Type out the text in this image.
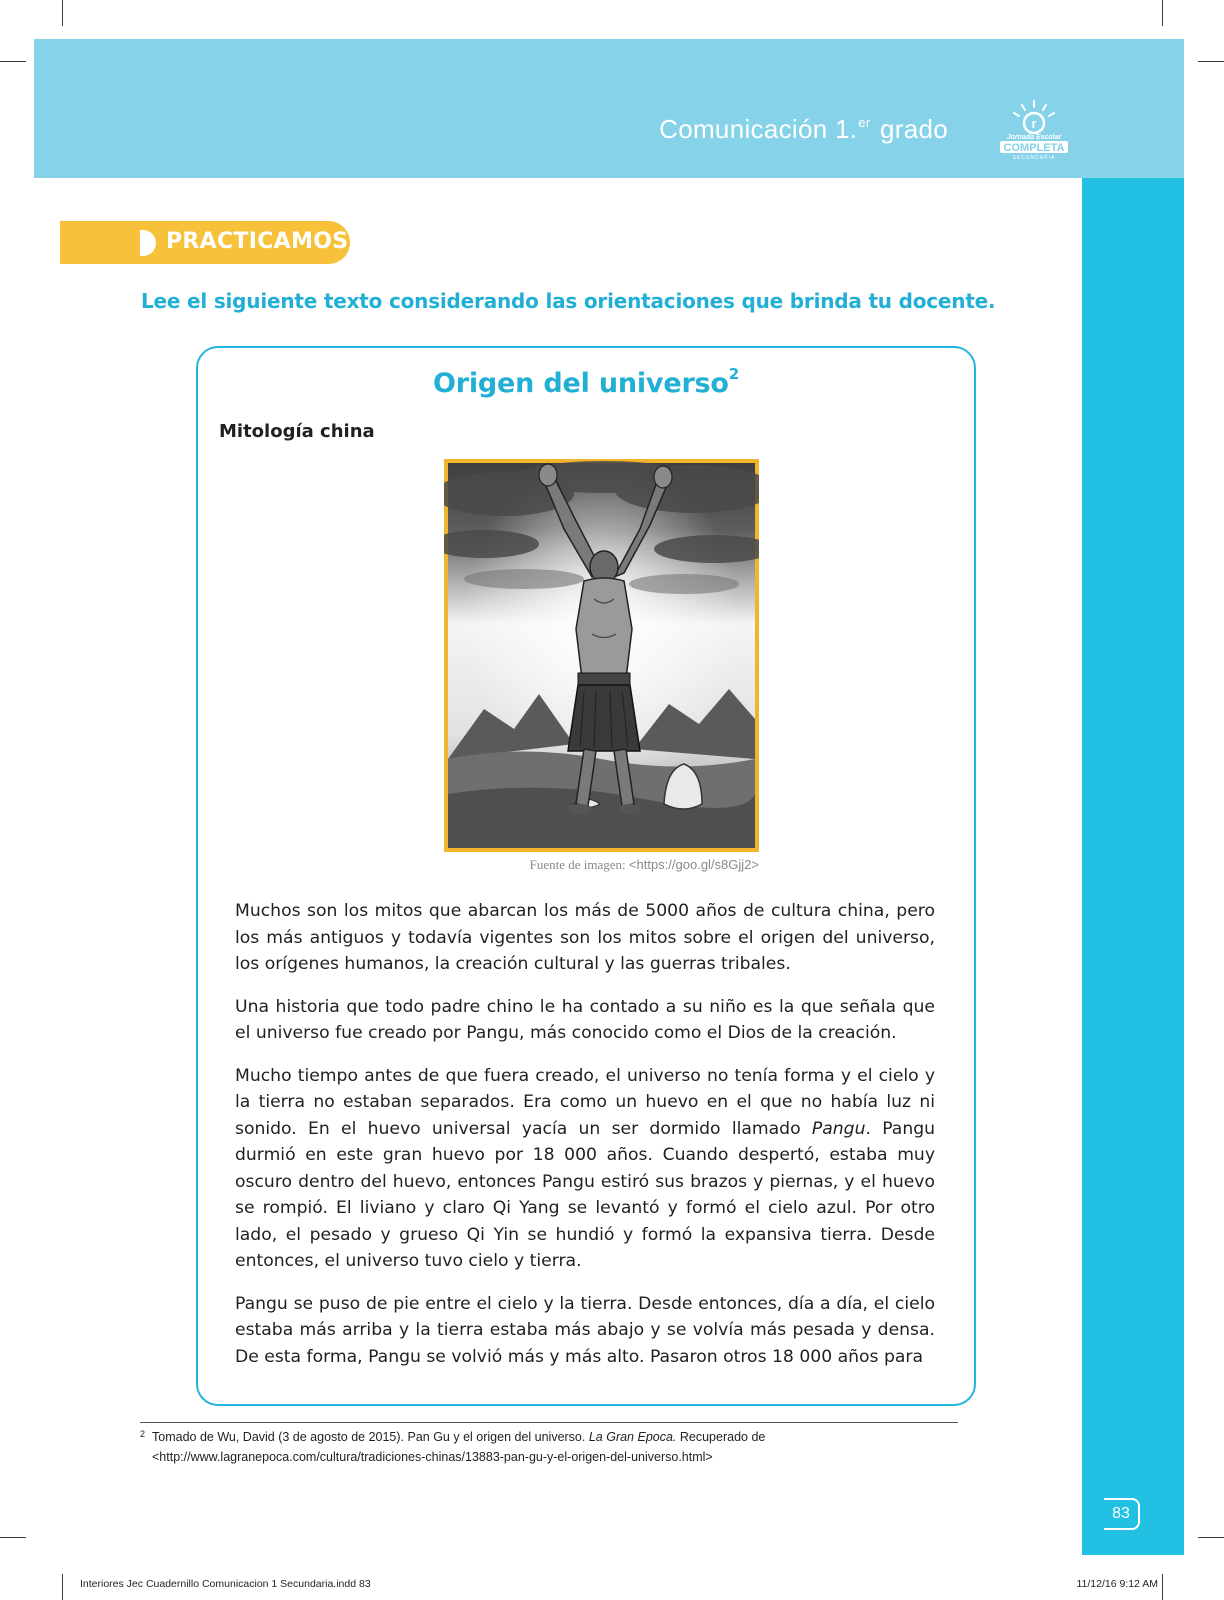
Comunicación 1.$^{er}$ grado	r
Jornada Escolar
COMPLETA
SECUNDARIA
PRACTICAMOS
Lee el siguiente texto considerando las orientaciones que brinda tu docente.
Origen del universo$^2$
Mitología china
Fuente de imagen: <https://goo.gl/s8Gjj2>

Muchos son los mitos que abarcan los más de 5000 años de cultura china, pero los más antiguos y todavía vigentes son los mitos sobre el origen del universo, los orígenes humanos, la creación cultural y las guerras tribales.

Una historia que todo padre chino le ha contado a su niño es la que señala que el universo fue creado por Pangu, más conocido como el Dios de la creación.

Mucho tiempo antes de que fuera creado, el universo no tenía forma y el cielo y la tierra no estaban separados. Era como un huevo en el que no había luz ni sonido. En el huevo universal yacía un ser dormido llamado Pangu. Pangu durmió en este gran huevo por 18 000 años. Cuando despertó, estaba muy oscuro dentro del huevo, entonces Pangu estiró sus brazos y piernas, y el huevo se rompió. El liviano y claro Qi Yang se levantó y formó el cielo azul. Por otro lado, el pesado y grueso Qi Yin se hundió y formó la expansiva tierra. Desde entonces, el universo tuvo cielo y tierra.

Pangu se puso de pie entre el cielo y la tierra. Desde entonces, día a día, el cielo estaba más arriba y la tierra estaba más abajo y se volvía más pesada y densa. De esta forma, Pangu se volvió más y más alto. Pasaron otros 18 000 años para

2 Tomado de Wu, David (3 de agosto de 2015). Pan Gu y el origen del universo. La Gran Epoca. Recuperado de <http://www.lagranepoca.com/cultura/tradiciones-chinas/13883-pan-gu-y-el-origen-del-universo.html>
83
Interiores Jec Cuadernillo Comunicacion 1 Secundaria.indd 83	11/12/16 9:12 AM
